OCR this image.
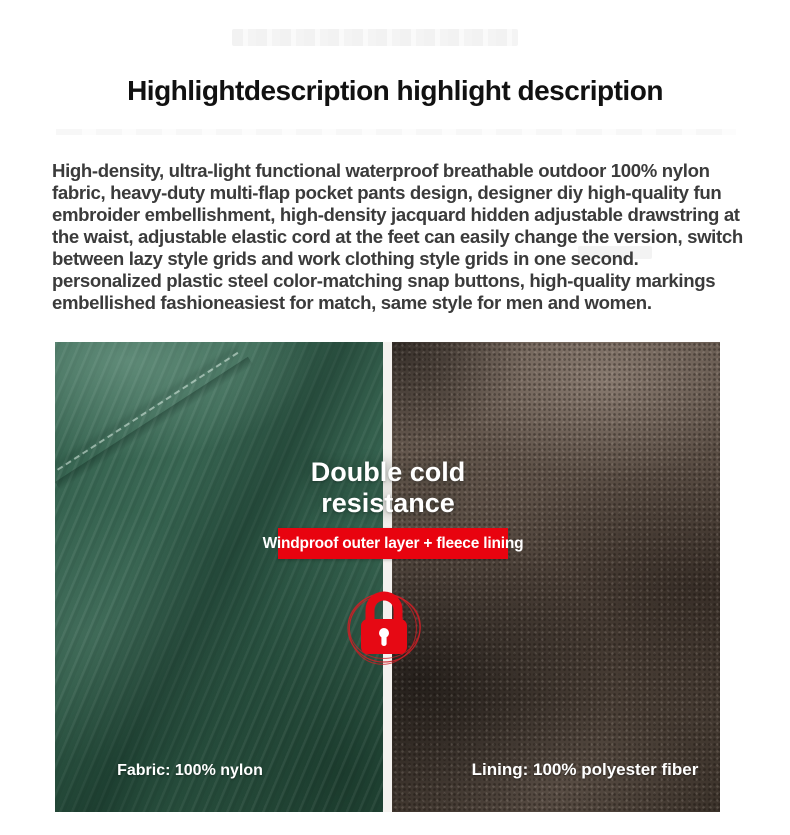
Highlightdescription highlight description

High-density, ultra-light functional waterproof breathable outdoor 100% nylon fabric, heavy-duty multi-flap pocket pants design, designer diy high-quality fun embroider embellishment, high-density jacquard hidden adjustable drawstring at the waist, adjustable elastic cord at the feet can easily change the version, switch between lazy style grids and work clothing style grids in one second. personalized plastic steel color-matching snap buttons, high-quality markings embellished fashioneasiest for match, same style for men and women.

Double cold resistance
Windproof outer layer + fleece lining
Fabric: 100% nylon	Lining: 100% polyester fiber
